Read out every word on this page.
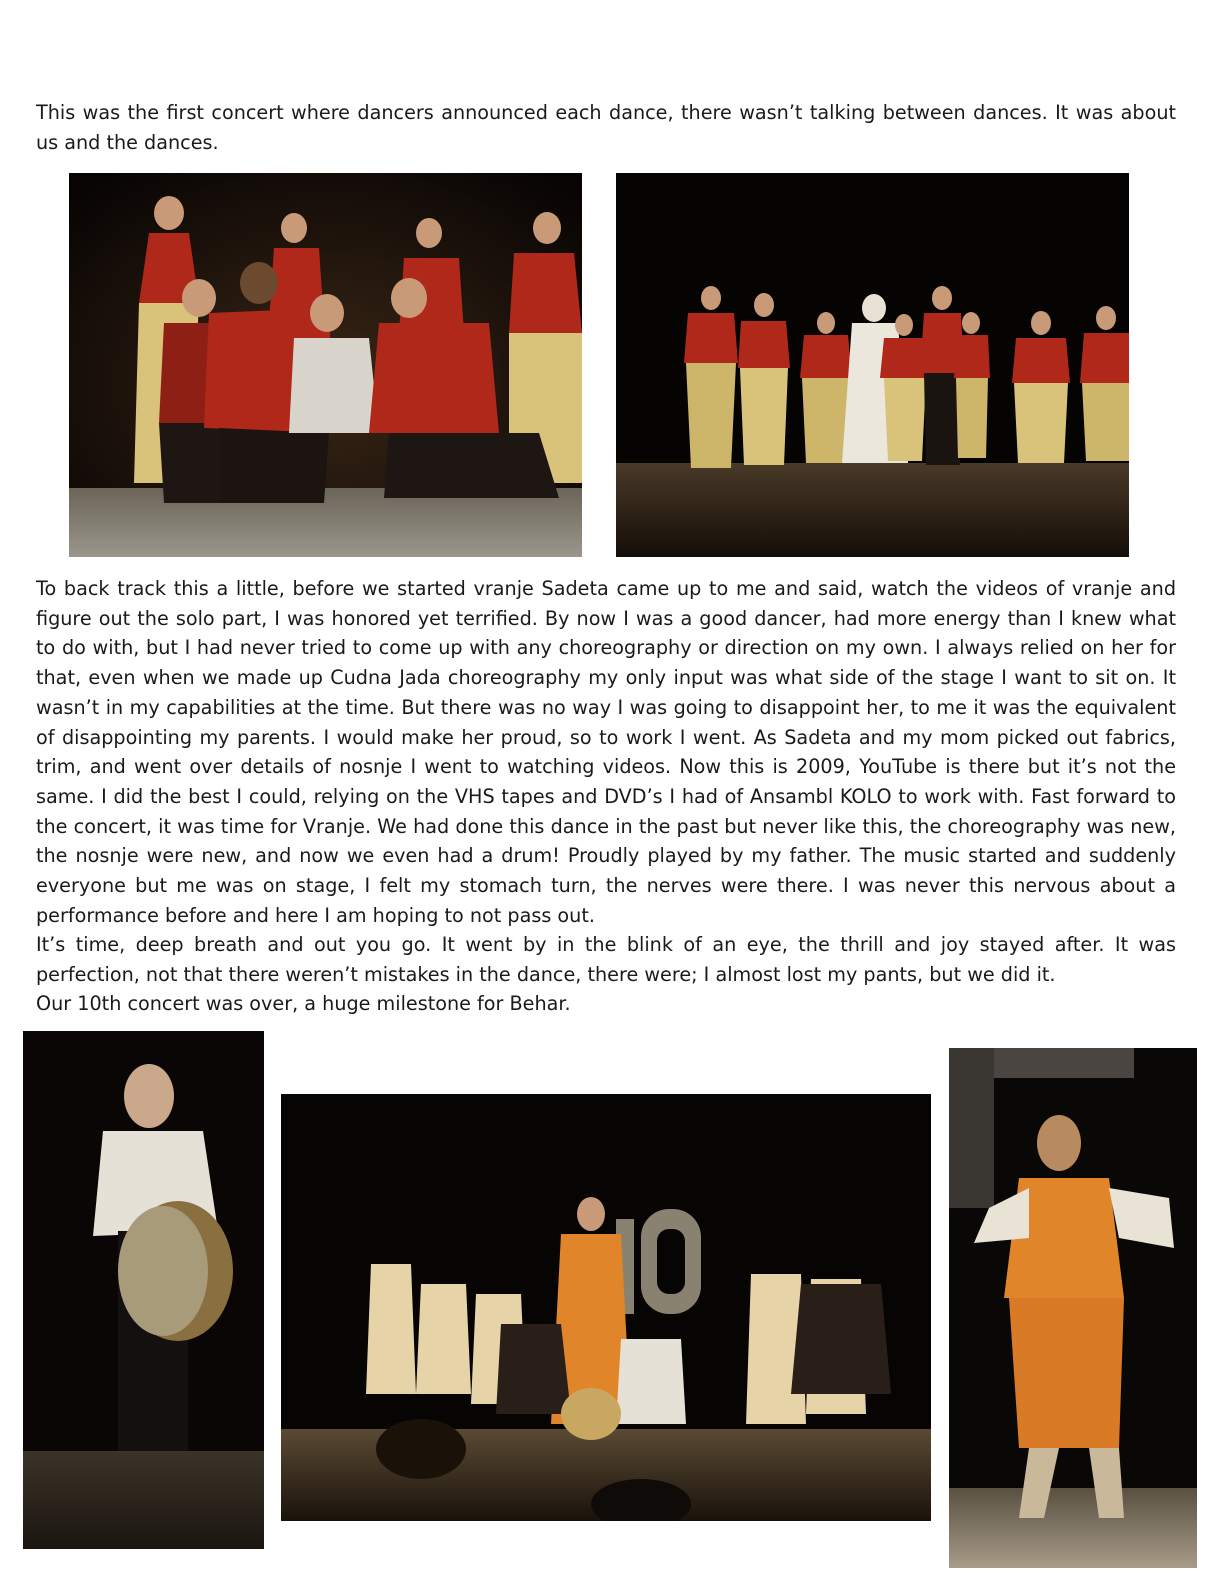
This was the first concert where dancers announced each dance, there wasn’t talking between dances. It was about us and the dances.

To back track this a little, before we started vranje Sadeta came up to me and said, watch the videos of vranje and figure out the solo part, I was honored yet terrified. By now I was a good dancer, had more energy than I knew what to do with, but I had never tried to come up with any choreography or direction on my own. I always relied on her for that, even when we made up Cudna Jada choreography my only input was what side of the stage I want to sit on. It wasn’t in my capabilities at the time. But there was no way I was going to disappoint her, to me it was the equivalent of disappointing my parents. I would make her proud, so to work I went. As Sadeta and my mom picked out fabrics, trim, and went over details of nosnje I went to watching videos. Now this is 2009, YouTube is there but it’s not the same. I did the best I could, relying on the VHS tapes and DVD’s I had of Ansambl KOLO to work with. Fast forward to the concert, it was time for Vranje. We had done this dance in the past but never like this, the choreography was new, the nosnje were new, and now we even had a drum! Proudly played by my father. The music started and suddenly everyone but me was on stage, I felt my stomach turn, the nerves were there. I was never this nervous about a performance before and here I am hoping to not pass out.

It’s time, deep breath and out you go. It went by in the blink of an eye, the thrill and joy stayed after. It was perfection, not that there weren’t mistakes in the dance, there were; I almost lost my pants, but we did it.

Our 10th concert was over, a huge milestone for Behar.
